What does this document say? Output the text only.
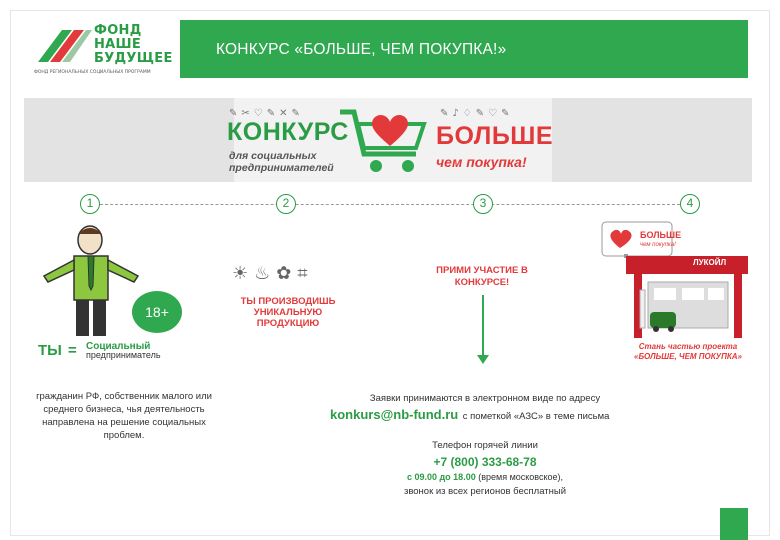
ФОНД
НАШЕ
БУДУЩЕЕ
ФОНД РЕГИОНАЛЬНЫХ СОЦИАЛЬНЫХ ПРОГРАММ
КОНКУРС «БОЛЬШЕ, ЧЕМ ПОКУПКА!»
✎✂♡✎✕✎	✎♪♢✎♡✎
КОНКУРС
для социальных
предпринимателей
БОЛЬШЕ
чем покупка!
1	2	3	4
18+
ТЫ = Социальный
предприниматель
гражданин РФ, собственник малого или среднего бизнеса, чья деятельность направлена на решение социальных проблем.
☀♨✿⌗
ТЫ ПРОИЗВОДИШЬ УНИКАЛЬНУЮ ПРОДУКЦИЮ
ПРИМИ УЧАСТИЕ В КОНКУРСЕ!
Заявки принимаются в электронном виде по адресу
konkurs@nb-fund.ru с пометкой «АЗС» в теме письма
Телефон горячей линии
+7 (800) 333-68-78
с 09.00 до 18.00 (время московское),
звонок из всех регионов бесплатный
БОЛЬШЕ
чем покупка!
ЛУКОЙЛ
Стань частью проекта «БОЛЬШЕ, ЧЕМ ПОКУПКА»
